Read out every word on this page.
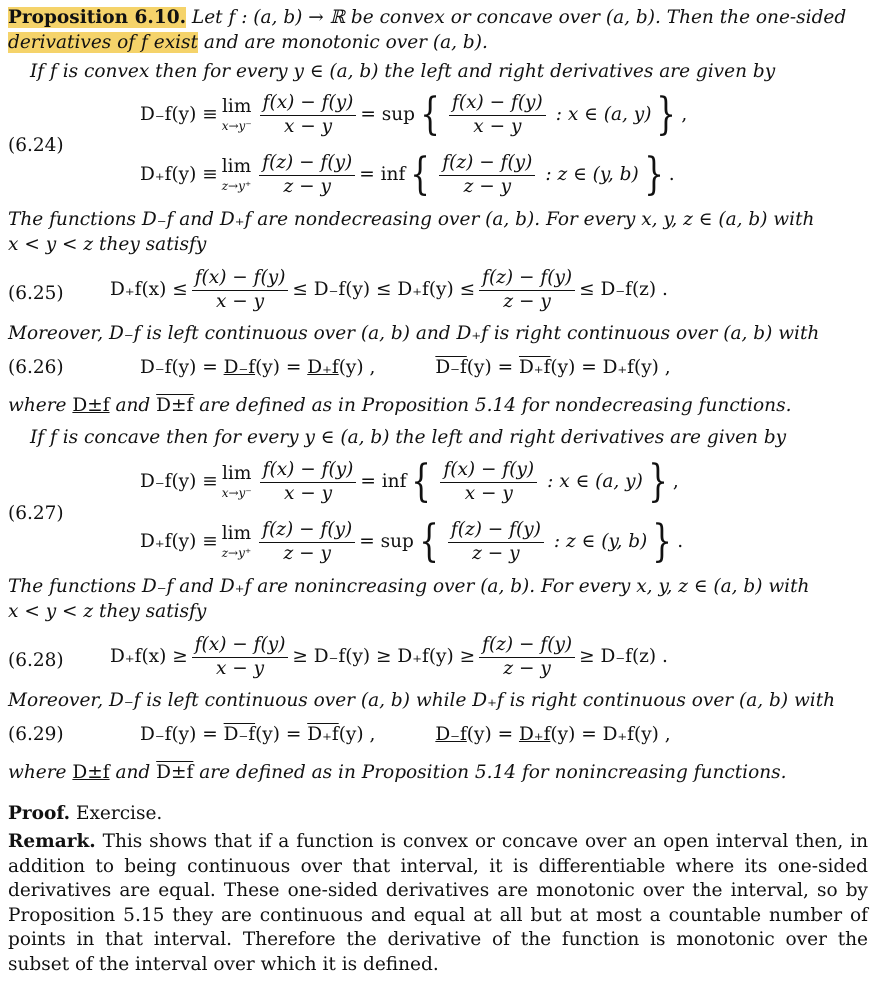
Proposition 6.10. Let f : (a, b) → ℝ be convex or concave over (a, b). Then the one-sided
derivatives of f exist and are monotonic over (a, b).
If f is convex then for every y ∈ (a, b) the left and right derivatives are given by
(6.24)
D₋f(y) ≡ lim
$x\to y^- \frac{f(x) - f(y)}{x - y}$ = sup { $\frac{f(x) - f(y)}{x - y}$ : x ∈ (a, y) } ,
D₊f(y) ≡ lim
$z\to y^+ \frac{f(z) - f(y)}{z - y}$ = inf { $\frac{f(z) - f(y)}{z - y}$ : z ∈ (y, b) } .
The functions D₋f and D₊f are nondecreasing over (a, b). For every x, y, z ∈ (a, b) with
x < y < z they satisfy
(6.25)	$D_+f(x) \le \frac{f(x) - f(y)}{x - y} \le D_-f(y) \le D_+f(y) \le \frac{f(z) - f(y)}{z - y} \le D_-f(z)$ .
Moreover, D₋f is left continuous over (a, b) and D₊f is right continuous over (a, b) with
(6.26)	D₋f(y) =
D₋f (y) =
D₊f (y) ,	D₋f (y) =
D₊f (y) = D₊f(y) ,
where D±f and D±f are defined as in Proposition 5.14 for nondecreasing functions.
If f is concave then for every y ∈ (a, b) the left and right derivatives are given by
(6.27)
D₋f(y) ≡ lim
$x\to y^- \frac{f(x) - f(y)}{x - y}$ = inf { $\frac{f(x) - f(y)}{x - y}$ : x ∈ (a, y) } ,
D₊f(y) ≡ lim
$z\to y^+ \frac{f(z) - f(y)}{z - y}$ = sup { $\frac{f(z) - f(y)}{z - y}$ : z ∈ (y, b) } .
The functions D₋f and D₊f are nonincreasing over (a, b). For every x, y, z ∈ (a, b) with
x < y < z they satisfy
(6.28)	$D_+f(x) \ge \frac{f(x) - f(y)}{x - y} \ge D_-f(y) \ge D_+f(y) \ge \frac{f(z) - f(y)}{z - y} \ge D_-f(z)$ .
Moreover, D₋f is left continuous over (a, b) while D₊f is right continuous over (a, b) with
(6.29)	D₋f(y) =
D₋f (y) =
D₊f (y) ,	D₋f (y) =
D₊f (y) = D₊f(y) ,
where D±f and D±f are defined as in Proposition 5.14 for nonincreasing functions.
Proof. Exercise.
Remark. This shows that if a function is convex or concave over an open interval then, in addition to being continuous over that interval, it is differentiable where its one-sided derivatives are equal. These one-sided derivatives are monotonic over the interval, so by Proposition 5.15 they are continuous and equal at all but at most a countable number of points in that interval. Therefore the derivative of the function is monotonic over the subset of the interval over which it is defined.
